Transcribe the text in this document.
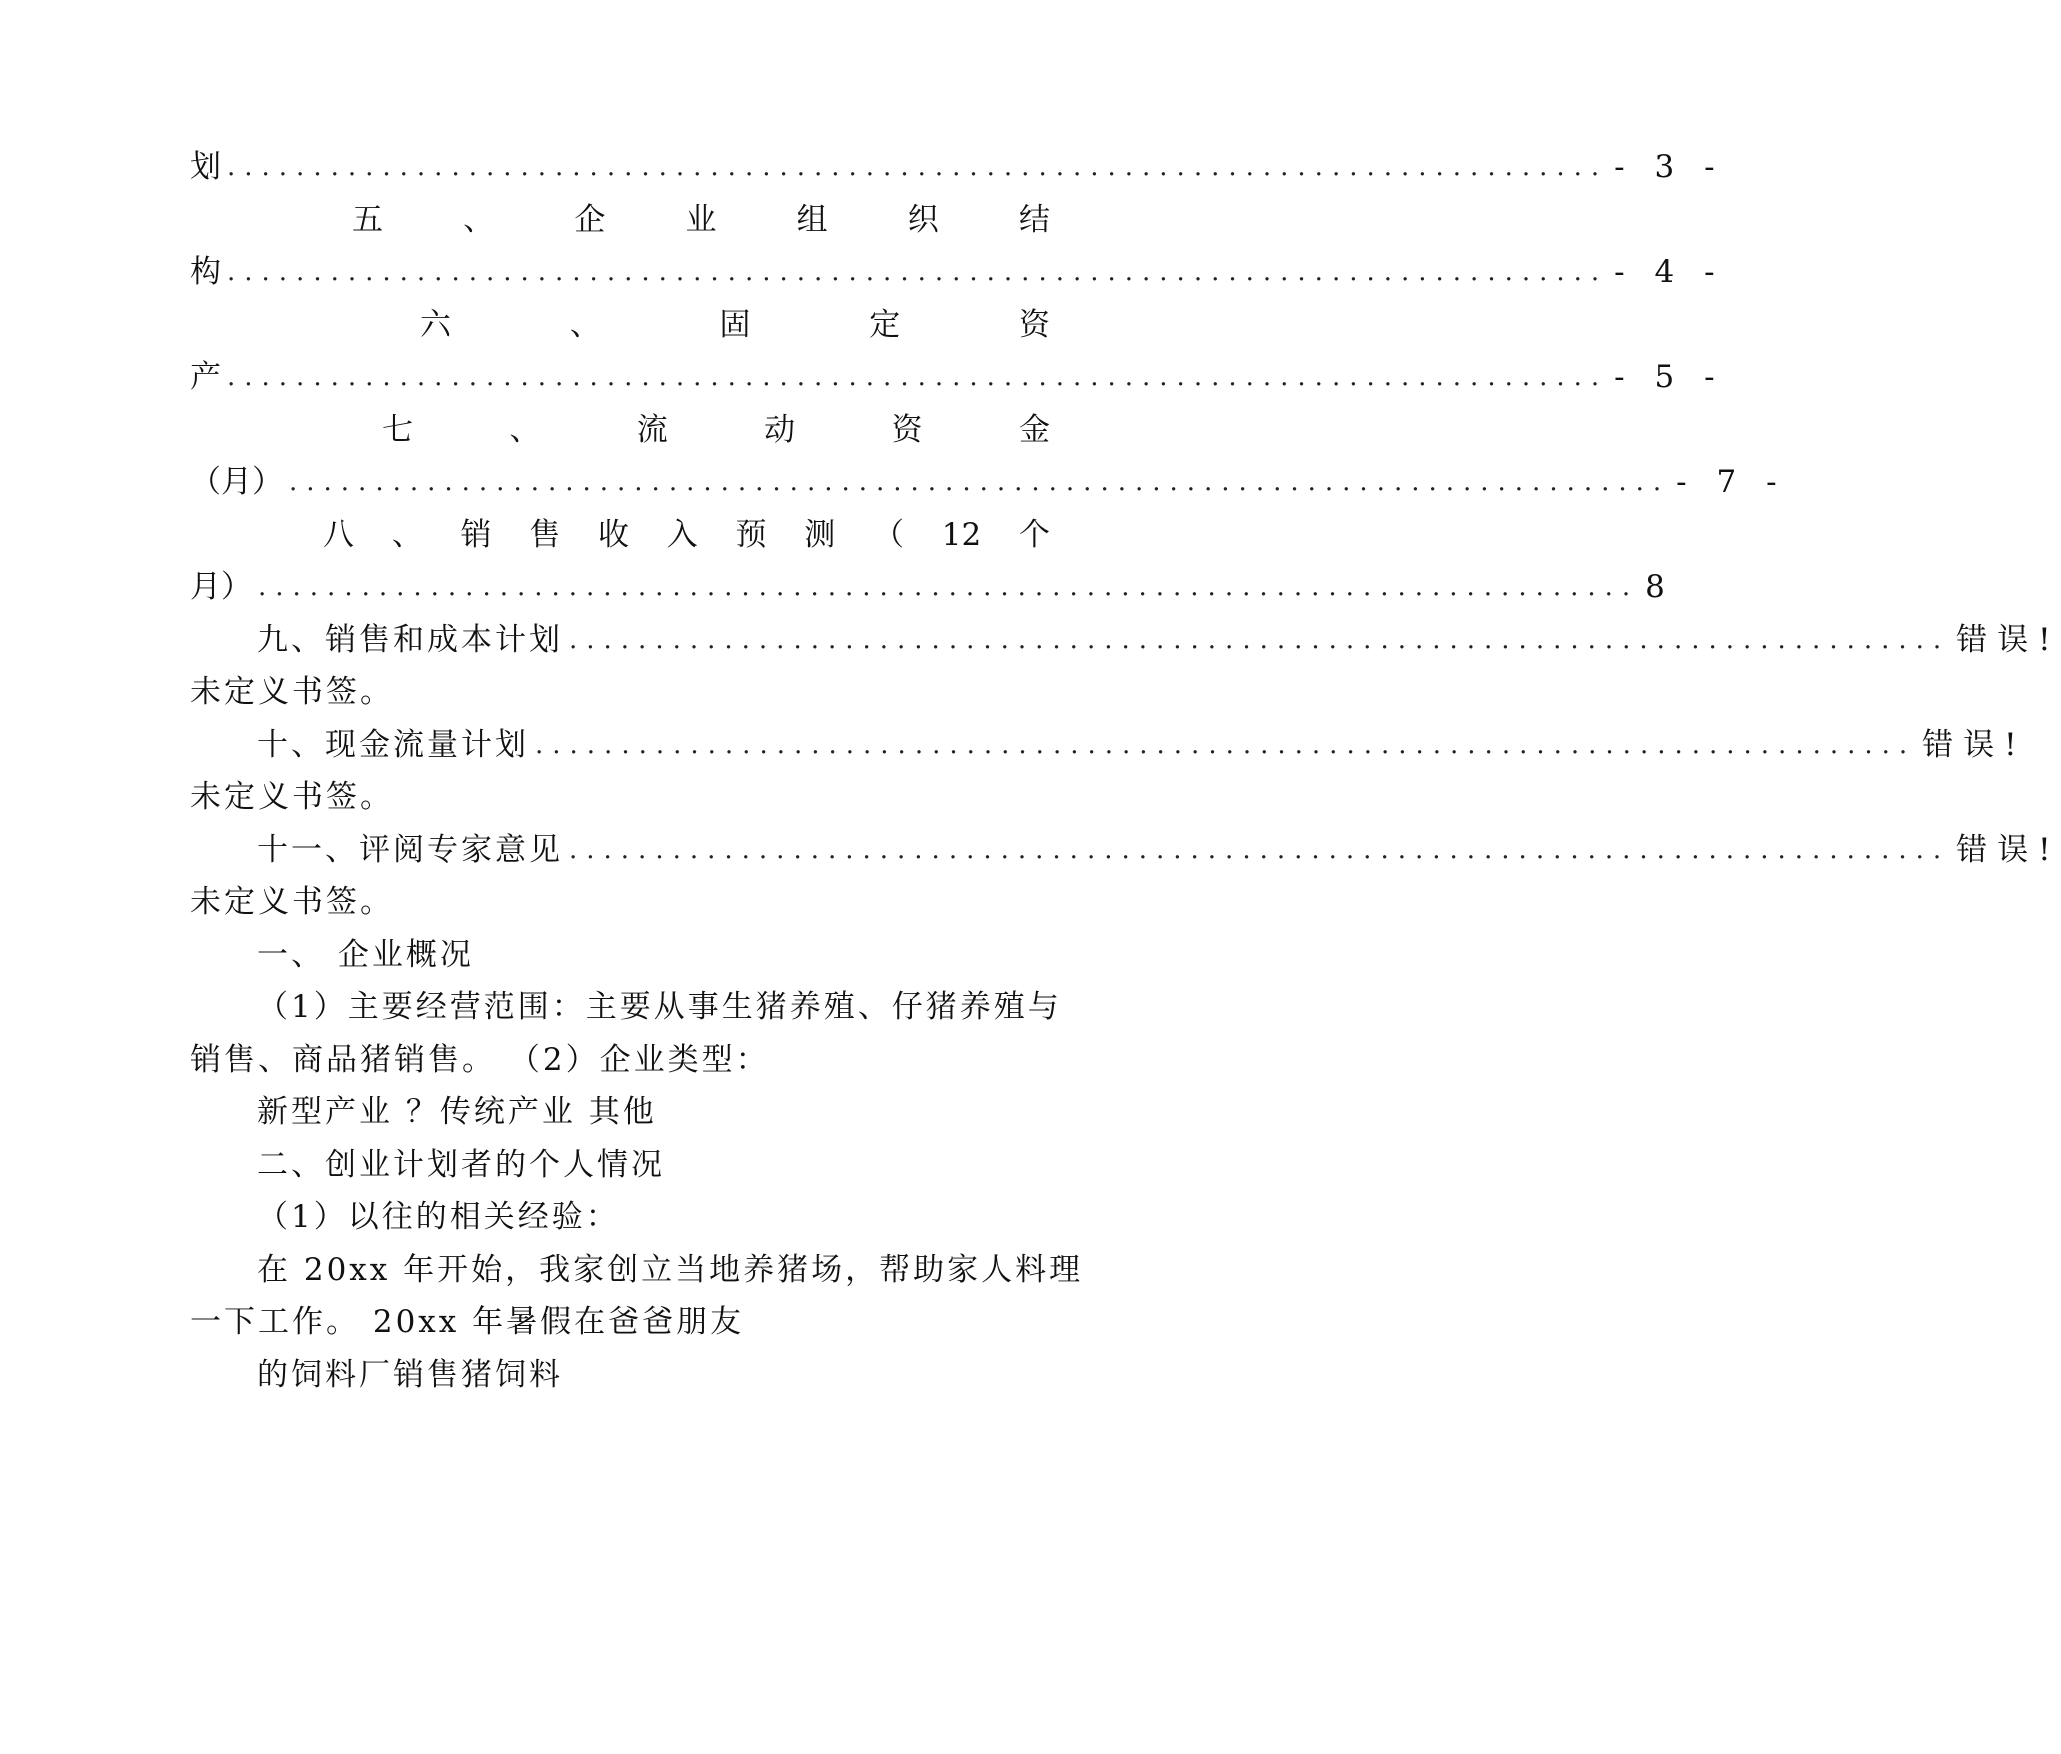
划 ................................................................................ - 3 -
五	、	企	业	组	织	结
构 ................................................................................ - 4 -
六	、	固	定	资
产 ................................................................................ - 5 -
七	、	流	动	资	金
（月） ................................................................................ - 7 -
八 、 销 售 收 入 预 测 （ 12 个
月） ................................................................................ 8
九、销售和成本计划 ................................................................................ 错误!
未定义书签。
十、现金流量计划 ................................................................................ 错误!
未定义书签。
十一、评阅专家意见 ................................................................................ 错误!
未定义书签。
一、 企业概况
（1）主要经营范围：主要从事生猪养殖、仔猪养殖与
销售、商品猪销售。 （2）企业类型：
新型产业 ？传统产业 其他
二、创业计划者的个人情况
（1）以往的相关经验：
在 20xx 年开始，我家创立当地养猪场，帮助家人料理
一下工作。 20xx 年暑假在爸爸朋友
的饲料厂销售猪饲料
